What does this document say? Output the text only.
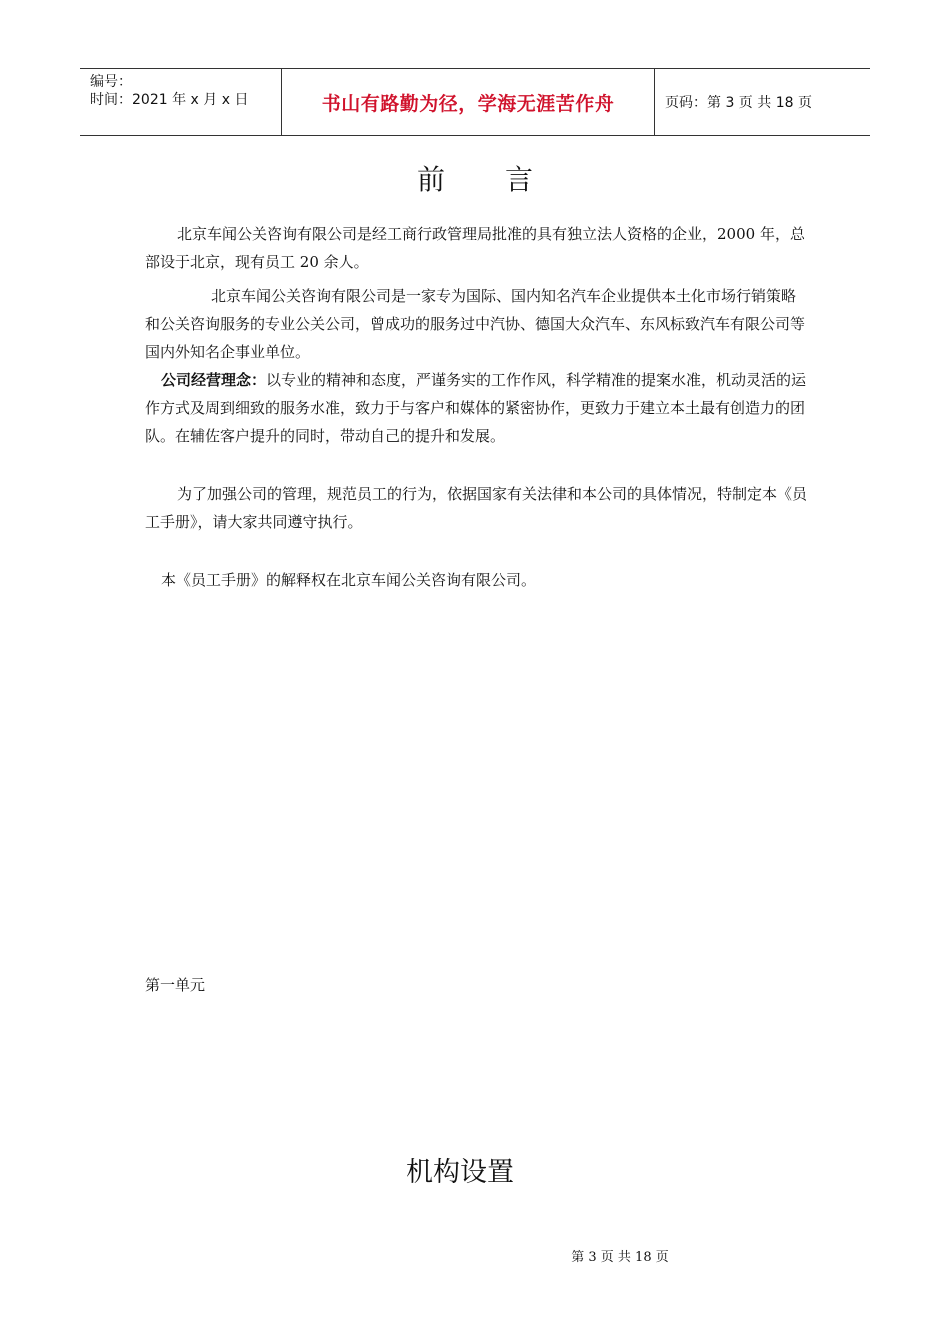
编号：
时间：2021 年 x 月 x 日	书山有路勤为径，学海无涯苦作舟	页码：第 3 页 共 18 页
前言
北京车闻公关咨询有限公司是经工商行政管理局批准的具有独立法人资格的企业，2000 年，总部设于北京，现有员工 20 余人。
北京车闻公关咨询有限公司是一家专为国际、国内知名汽车企业提供本土化市场行销策略和公关咨询服务的专业公关公司，曾成功的服务过中汽协、德国大众汽车、东风标致汽车有限公司等国内外知名企事业单位。
公司经营理念：以专业的精神和态度，严谨务实的工作作风，科学精准的提案水准，机动灵活的运作方式及周到细致的服务水准，致力于与客户和媒体的紧密协作，更致力于建立本土最有创造力的团队。在辅佐客户提升的同时，带动自己的提升和发展。
为了加强公司的管理，规范员工的行为，依据国家有关法律和本公司的具体情况，特制定本《员工手册》，请大家共同遵守执行。
本《员工手册》的解释权在北京车闻公关咨询有限公司。
第一单元
机构设置
第 3 页 共 18 页
